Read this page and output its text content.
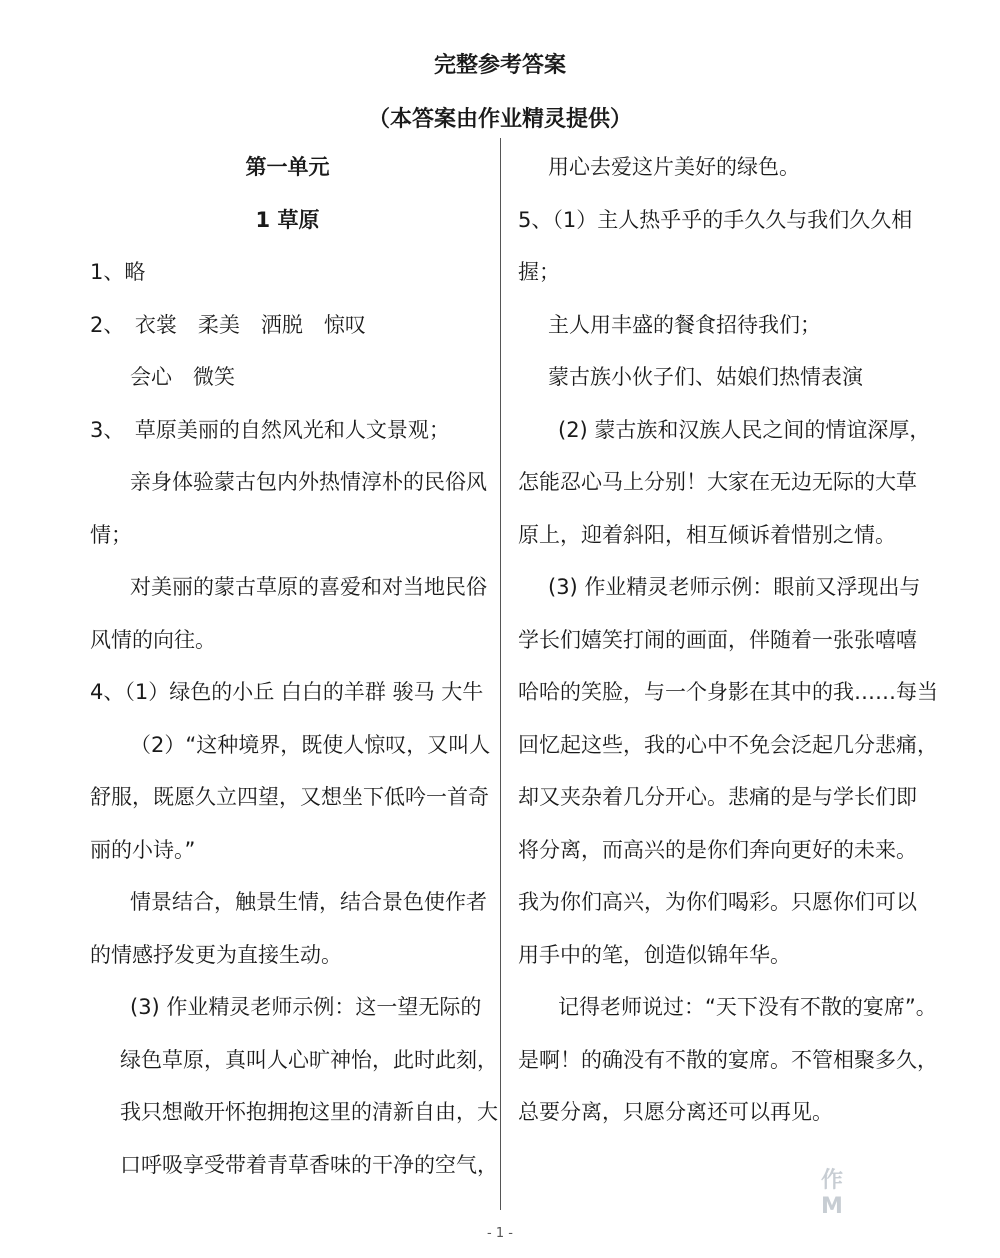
完整参考答案
（本答案由作业精灵提供）
第一单元
1 草原
1、略
2、　衣裳　柔美　洒脱　惊叹
会心　微笑
3、　草原美丽的自然风光和人文景观；
亲身体验蒙古包内外热情淳朴的民俗风
情；
对美丽的蒙古草原的喜爱和对当地民俗
风情的向往。
4、（1）绿色的小丘 白白的羊群 骏马 大牛
（2）“这种境界，既使人惊叹，又叫人
舒服，既愿久立四望，又想坐下低吟一首奇
丽的小诗。”
情景结合，触景生情，结合景色使作者
的情感抒发更为直接生动。
(3) 作业精灵老师示例：这一望无际的
绿色草原，真叫人心旷神怡，此时此刻，
我只想敞开怀抱拥抱这里的清新自由，大
口呼吸享受带着青草香味的干净的空气，
用心去爱这片美好的绿色。
5、（1）主人热乎乎的手久久与我们久久相
握；
主人用丰盛的餐食招待我们；
蒙古族小伙子们、姑娘们热情表演
(2) 蒙古族和汉族人民之间的情谊深厚，
怎能忍心马上分别！大家在无边无际的大草
原上，迎着斜阳，相互倾诉着惜别之情。
(3) 作业精灵老师示例：眼前又浮现出与
学长们嬉笑打闹的画面，伴随着一张张嘻嘻
哈哈的笑脸，与一个身影在其中的我……每当
回忆起这些，我的心中不免会泛起几分悲痛，
却又夹杂着几分开心。悲痛的是与学长们即
将分离，而高兴的是你们奔向更好的未来。
我为你们高兴，为你们喝彩。只愿你们可以
用手中的笔，创造似锦年华。
记得老师说过：“天下没有不散的宴席”。
是啊！的确没有不散的宴席。不管相聚多久，
总要分离，只愿分离还可以再见。
- 1 -
作
M
